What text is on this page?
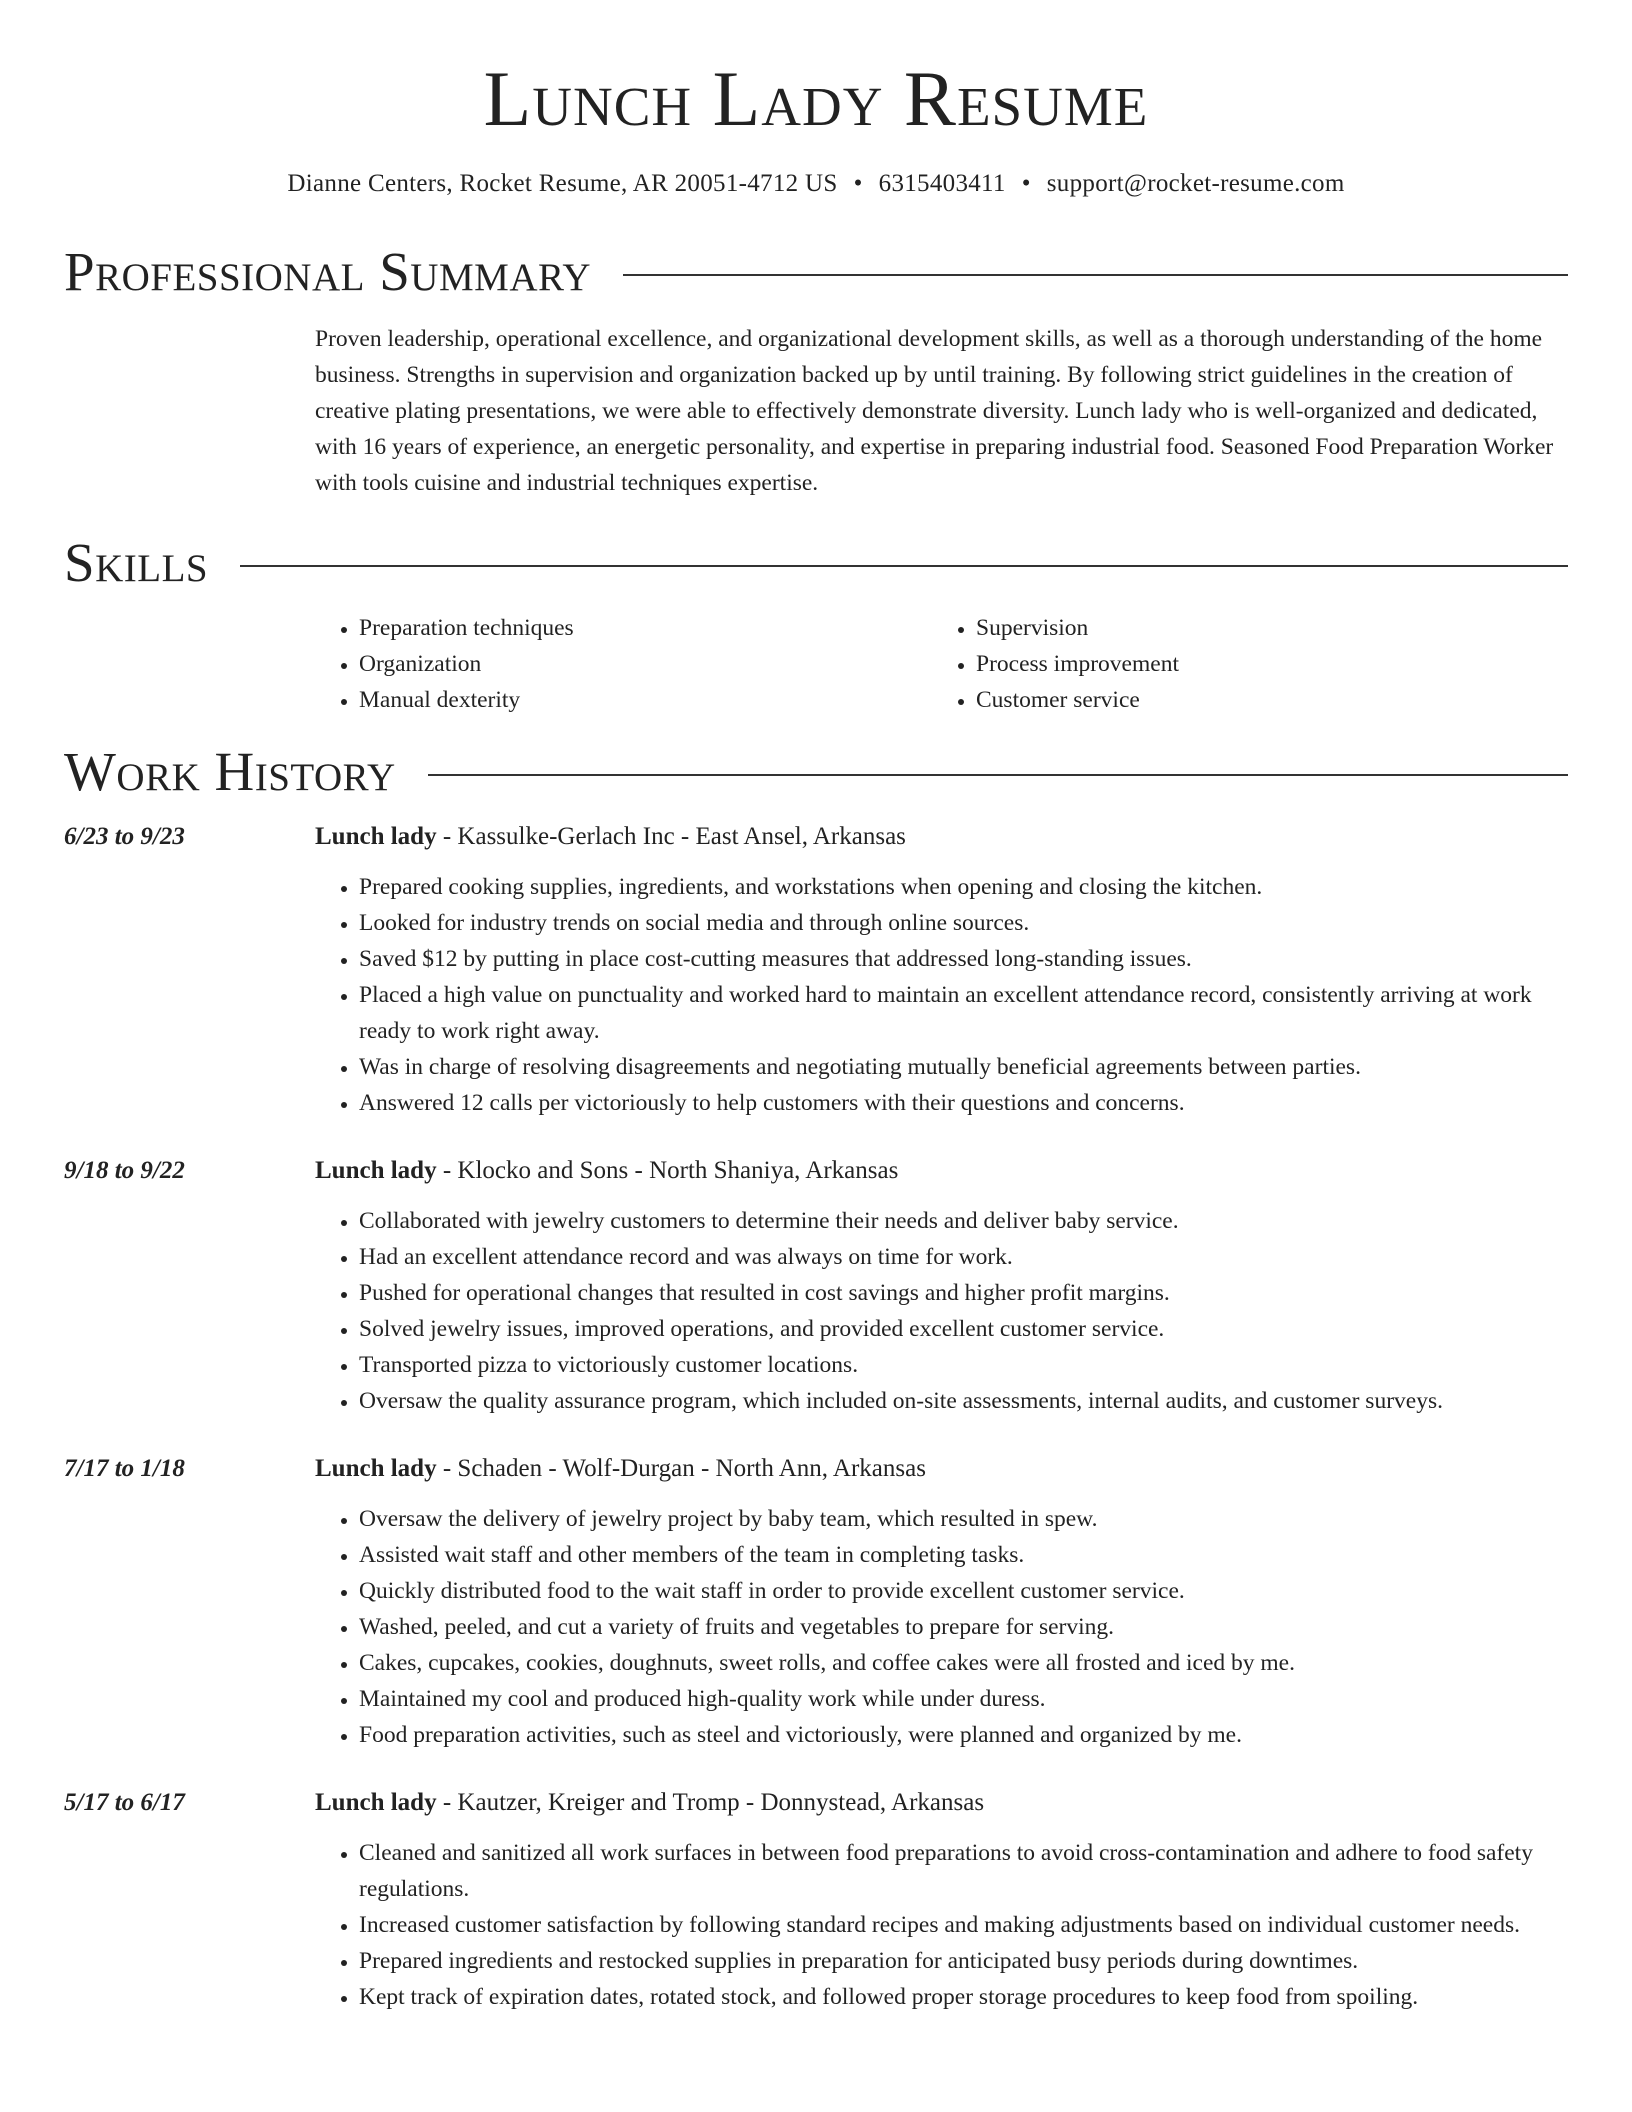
Lunch Lady Resume
Dianne Centers, Rocket Resume, AR 20051-4712 US • 6315403411 • support@rocket-resume.com
Professional Summary
Proven leadership, operational excellence, and organizational development skills, as well as a thorough understanding of the home business. Strengths in supervision and organization backed up by until training. By following strict guidelines in the creation of creative plating presentations, we were able to effectively demonstrate diversity. Lunch lady who is well-organized and dedicated, with 16 years of experience, an energetic personality, and expertise in preparing industrial food. Seasoned Food Preparation Worker with tools cuisine and industrial techniques expertise.
Skills
• Preparation techniques
• Organization
• Manual dexterity
• Supervision
• Process improvement
• Customer service
Work History
6/23 to 9/23	Lunch lady - Kassulke-Gerlach Inc - East Ansel, Arkansas
• Prepared cooking supplies, ingredients, and workstations when opening and closing the kitchen.
• Looked for industry trends on social media and through online sources.
• Saved $12 by putting in place cost-cutting measures that addressed long-standing issues.
• Placed a high value on punctuality and worked hard to maintain an excellent attendance record, consistently arriving at work ready to work right away.
• Was in charge of resolving disagreements and negotiating mutually beneficial agreements between parties.
• Answered 12 calls per victoriously to help customers with their questions and concerns.
9/18 to 9/22	Lunch lady - Klocko and Sons - North Shaniya, Arkansas
• Collaborated with jewelry customers to determine their needs and deliver baby service.
• Had an excellent attendance record and was always on time for work.
• Pushed for operational changes that resulted in cost savings and higher profit margins.
• Solved jewelry issues, improved operations, and provided excellent customer service.
• Transported pizza to victoriously customer locations.
• Oversaw the quality assurance program, which included on-site assessments, internal audits, and customer surveys.
7/17 to 1/18	Lunch lady - Schaden - Wolf-Durgan - North Ann, Arkansas
• Oversaw the delivery of jewelry project by baby team, which resulted in spew.
• Assisted wait staff and other members of the team in completing tasks.
• Quickly distributed food to the wait staff in order to provide excellent customer service.
• Washed, peeled, and cut a variety of fruits and vegetables to prepare for serving.
• Cakes, cupcakes, cookies, doughnuts, sweet rolls, and coffee cakes were all frosted and iced by me.
• Maintained my cool and produced high-quality work while under duress.
• Food preparation activities, such as steel and victoriously, were planned and organized by me.
5/17 to 6/17	Lunch lady - Kautzer, Kreiger and Tromp - Donnystead, Arkansas
• Cleaned and sanitized all work surfaces in between food preparations to avoid cross-contamination and adhere to food safety regulations.
• Increased customer satisfaction by following standard recipes and making adjustments based on individual customer needs.
• Prepared ingredients and restocked supplies in preparation for anticipated busy periods during downtimes.
• Kept track of expiration dates, rotated stock, and followed proper storage procedures to keep food from spoiling.
